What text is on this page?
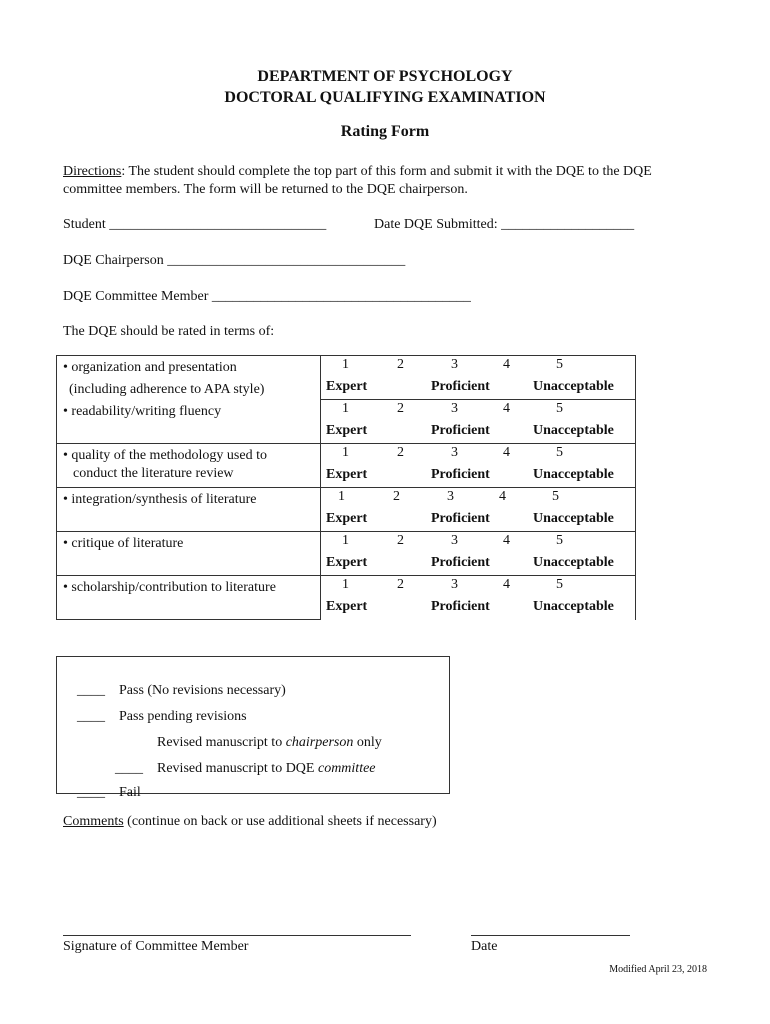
DEPARTMENT OF PSYCHOLOGY
DOCTORAL QUALIFYING EXAMINATION
Rating Form
Directions: The student should complete the top part of this form and submit it with the DQE to the DQE committee members. The form will be returned to the DQE chairperson.
Student _______________________________	Date DQE Submitted: ___________________
DQE Chairperson __________________________________
DQE Committee Member _____________________________________
The DQE should be rated in terms of:
• organization and presentation
(including adherence to APA style)
1	2	3	4	5
Expert	Proficient	Unacceptable
• readability/writing fluency	1	2	3	4	5
Expert	Proficient	Unacceptable
• quality of the methodology used to
conduct the literature review
1	2	3	4	5
Expert	Proficient	Unacceptable
• integration/synthesis of literature	1	2	3	4	5
Expert	Proficient	Unacceptable
• critique of literature	1	2	3	4	5
Expert	Proficient	Unacceptable
• scholarship/contribution to literature	1	2	3	4	5
Expert	Proficient	Unacceptable

____ Pass (No revisions necessary)

____ Pass pending revisions

Revised manuscript to chairperson only

____ Revised manuscript to DQE committee

____ Fail

Comments (continue on back or use additional sheets if necessary)
Signature of Committee Member	Date
Modified April 23, 2018
